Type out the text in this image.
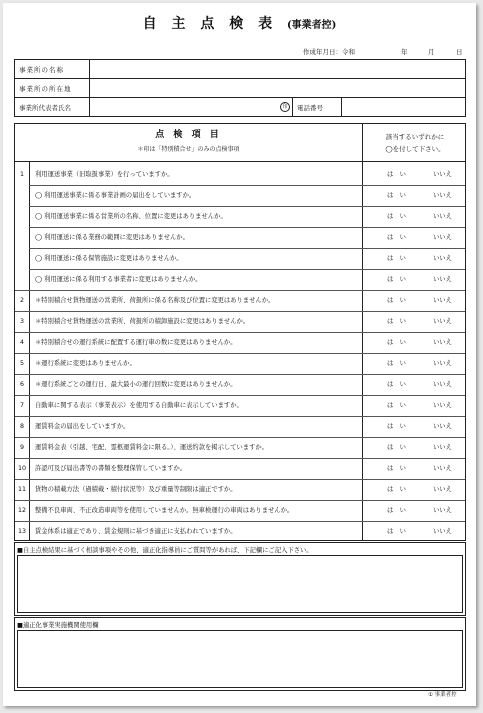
自 主 点 検 表 (事業者控)
作成年月日：令和	年	月	日
事業所の名称			
事業所の所在地			
事業所代表者氏名	印	電話番号	
点 検 項 目
＊印は「特別積合せ」のみの点検事項
該当するいずれかに
◯を付して下さい。
1	利用運送事業（旧取扱事業）を行っていますか。	は　い	いいえ
◯ 利用運送事業に係る事業計画の届出をしていますか。	は　い	いいえ
◯ 利用運送事業に係る営業所の名称、位置に変更はありませんか。	は　い	いいえ
◯ 利用運送に係る業務の範囲に変更はありませんか。	は　い	いいえ
◯ 利用運送に係る保管施設に変更はありませんか。	は　い	いいえ
◯ 利用運送に係る利用する事業者に変更はありませんか。	は　い	いいえ
2	＊特別積合せ貨物運送の営業所、荷扱所に係る名称及び位置に変更はありませんか。	は　い	いいえ
3	＊特別積合せ貨物運送の営業所、荷扱所の積卸施設に変更はありませんか。	は　い	いいえ
4	＊特別積合せの運行系統に配置する運行車の数に変更はありませんか。	は　い	いいえ
5	＊運行系統に変更はありませんか。	は　い	いいえ
6	＊運行系統ごとの運行日、最大最小の運行回数に変更はありませんか。	は　い	いいえ
7	自動車に関する表示（事業表示）を使用する自動車に表示していますか。	は　い	いいえ
8	運賃料金の届出をしていますか。	は　い	いいえ
9	運賃料金表（引越、宅配、霊柩運賃料金に限る。）、運送約款を掲示していますか。	は　い	いいえ
10	許認可及び届出書等の書類を整理保管していますか。	は　い	いいえ
11	貨物の積載方法（過積載・積付状況等）及び重量等制限は適正ですか。	は　い	いいえ
12	整備不良車両、不正改造車両等を使用していませんか。無車検運行の車両はありませんか。	は　い	いいえ
13	賃金体系は適正であり、賃金規則に基づき適正に支払われていますか。	は　い	いいえ
■自主点検結果に基づく相談事項やその他、適正化指導員にご質問等があれば、下記欄にご記入下さい。
■適正化事業実施機関使用欄
① 事業者控
